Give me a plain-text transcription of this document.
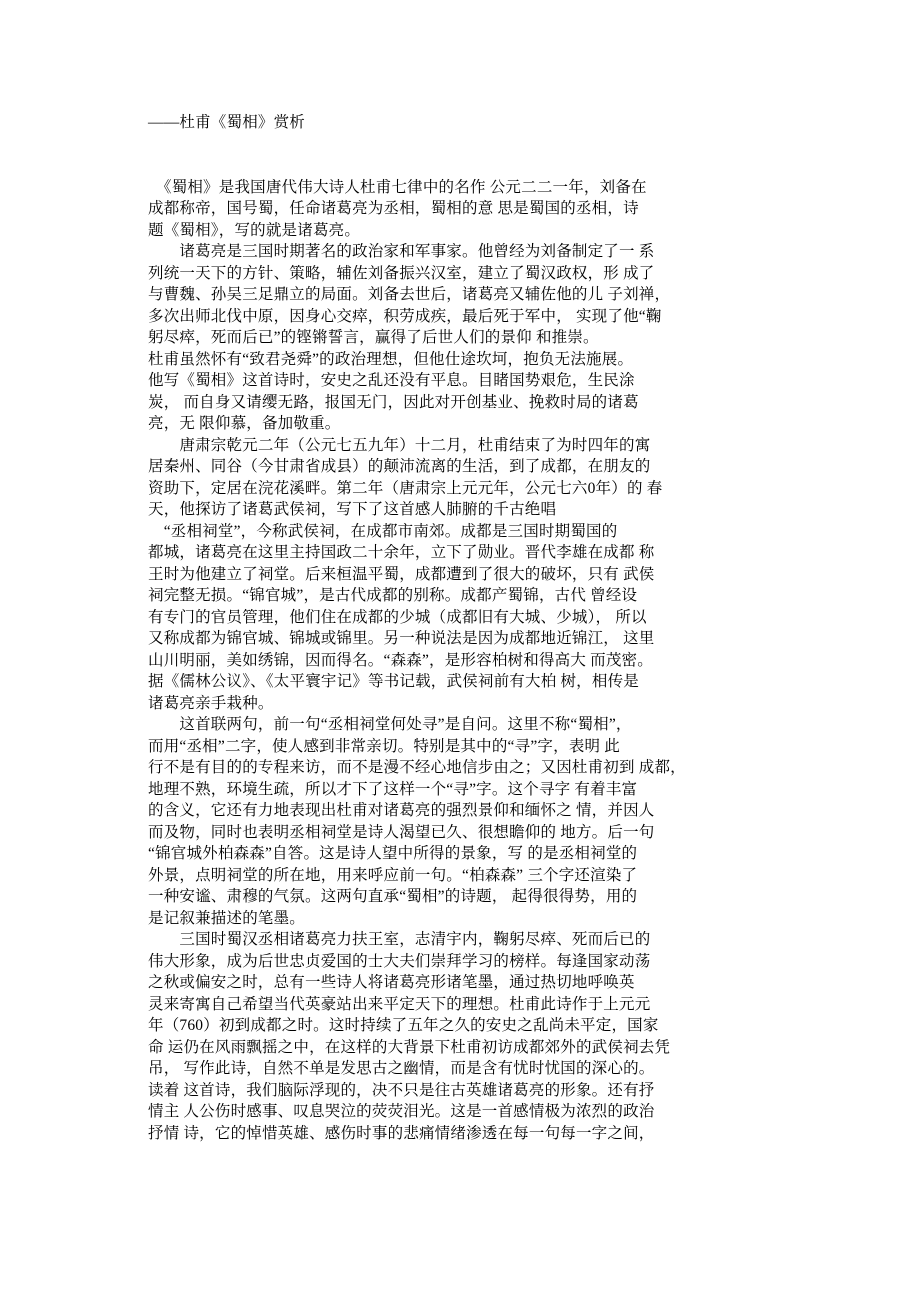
——杜甫《蜀相》赏析
　《蜀相》是我国唐代伟大诗人杜甫七律中的名作 公元二二一年，刘备在
成都称帝，国号蜀，任命诸葛亮为丞相，蜀相的意 思是蜀国的丞相，诗
题《蜀相》，写的就是诸葛亮。
　　诸葛亮是三国时期著名的政治家和军事家。他曾经为刘备制定了一 系
列统一天下的方针、策略，辅佐刘备振兴汉室，建立了蜀汉政权，形 成了
与曹魏、孙吴三足鼎立的局面。刘备去世后，诸葛亮又辅佐他的儿 子刘禅，
多次出师北伐中原，因身心交瘁，积劳成疾，最后死于军中， 实现了他“鞠
躬尽瘁，死而后已”的铿锵誓言，赢得了后世人们的景仰 和推崇。
杜甫虽然怀有“致君尧舜”的政治理想，但他仕途坎坷，抱负无法施展。
他写《蜀相》这首诗时，安史之乱还没有平息。目睹国势艰危，生民涂
炭， 而自身又请缨无路，报国无门，因此对开创基业、挽救时局的诸葛
亮，无 限仰慕，备加敬重。
　　唐肃宗乾元二年（公元七五九年）十二月，杜甫结束了为时四年的寓
居秦州、同谷（今甘肃省成县）的颠沛流离的生活，到了成都，在朋友的
资助下，定居在浣花溪畔。第二年（唐肃宗上元元年，公元七六0年）的 春
天，他探访了诸葛武侯祠，写下了这首感人肺腑的千古绝唱
　“丞相祠堂”，今称武侯祠，在成都市南郊。成都是三国时期蜀国的
都城，诸葛亮在这里主持国政二十余年，立下了勋业。晋代李雄在成都 称
王时为他建立了祠堂。后来桓温平蜀，成都遭到了很大的破坏，只有 武侯
祠完整无损。“锦官城”，是古代成都的别称。成都产蜀锦，古代 曾经设
有专门的官员管理，他们住在成都的少城（成都旧有大城、少城）， 所以
又称成都为锦官城、锦城或锦里。另一种说法是因为成都地近锦江， 这里
山川明丽，美如绣锦，因而得名。“森森”，是形容柏树和得高大 而茂密。
据《儒林公议》、《太平寰宇记》等书记载，武侯祠前有大柏 树，相传是
诸葛亮亲手栽种。
　　这首联两句，前一句“丞相祠堂何处寻”是自问。这里不称“蜀相”，
而用“丞相”二字，使人感到非常亲切。特别是其中的“寻”字，表明 此
行不是有目的的专程来访，而不是漫不经心地信步由之；又因杜甫初到 成都，
地理不熟，环境生疏，所以才下了这样一个“寻”字。这个寻字 有着丰富
的含义，它还有力地表现出杜甫对诸葛亮的强烈景仰和缅怀之 情，并因人
而及物，同时也表明丞相祠堂是诗人渴望已久、很想瞻仰的 地方。后一句
“锦官城外柏森森”自答。这是诗人望中所得的景象，写 的是丞相祠堂的
外景，点明祠堂的所在地，用来呼应前一句。“柏森森” 三个字还渲染了
一种安谧、肃穆的气氛。这两句直承“蜀相”的诗题， 起得很得势，用的
是记叙兼描述的笔墨。
　　三国时蜀汉丞相诸葛亮力扶王室，志清宇内，鞠躬尽瘁、死而后已的
伟大形象，成为后世忠贞爱国的士大夫们崇拜学习的榜样。每逢国家动荡
之秋或偏安之时，总有一些诗人将诸葛亮形诸笔墨，通过热切地呼唤英
灵来寄寓自己希望当代英豪站出来平定天下的理想。杜甫此诗作于上元元
年（760）初到成都之时。这时持续了五年之久的安史之乱尚未平定，国家
命 运仍在风雨飘摇之中，在这样的大背景下杜甫初访成都郊外的武侯祠去凭
吊， 写作此诗，自然不单是发思古之幽情，而是含有忧时忧国的深心的。
读着 这首诗，我们脑际浮现的，决不只是往古英雄诸葛亮的形象。还有抒
情主 人公伤时感事、叹息哭泣的荧荧泪光。这是一首感情极为浓烈的政治
抒情 诗，它的悼惜英雄、感伤时事的悲痛情绪渗透在每一句每一字之间，
